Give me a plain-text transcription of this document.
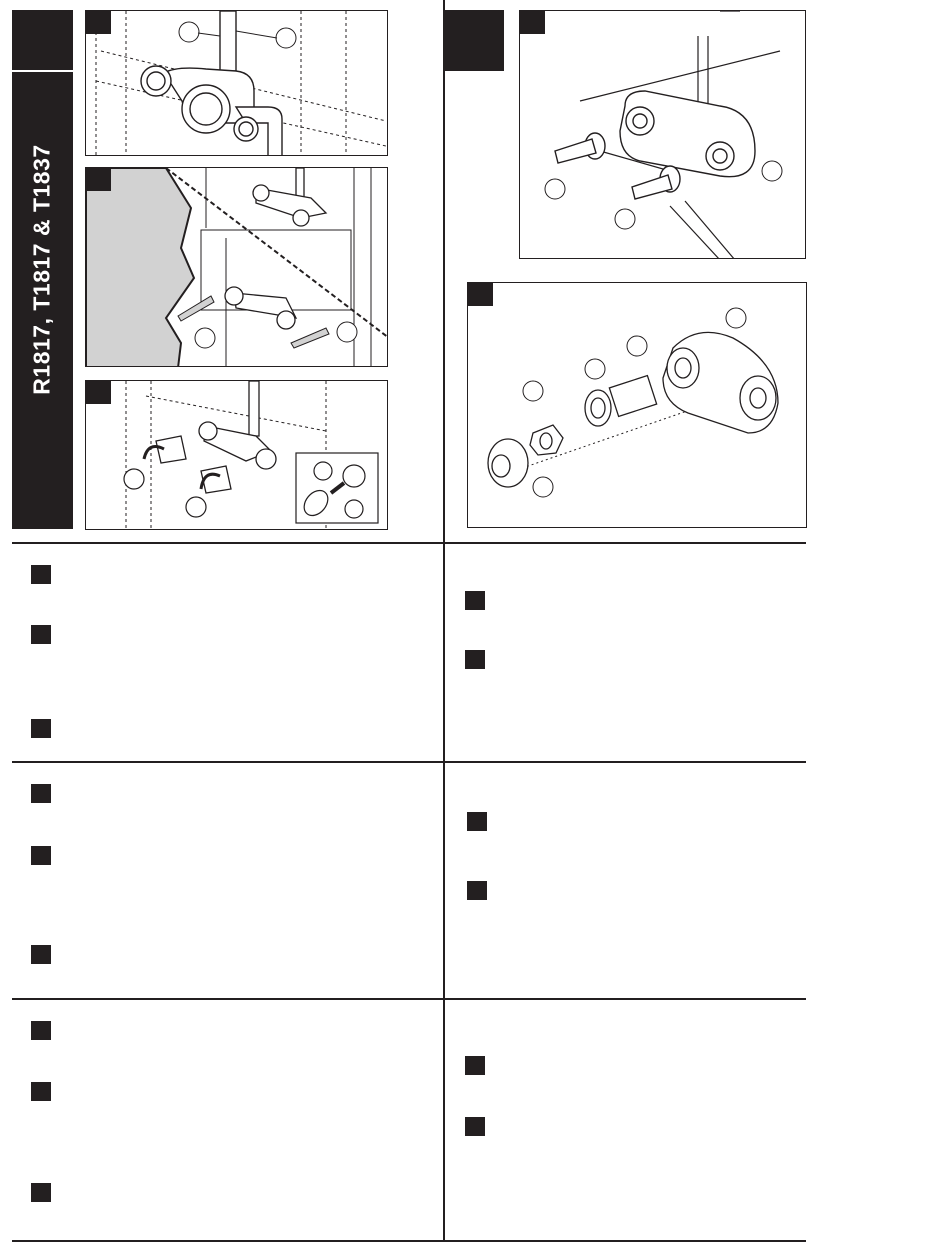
R1817, T1817 & T1837
